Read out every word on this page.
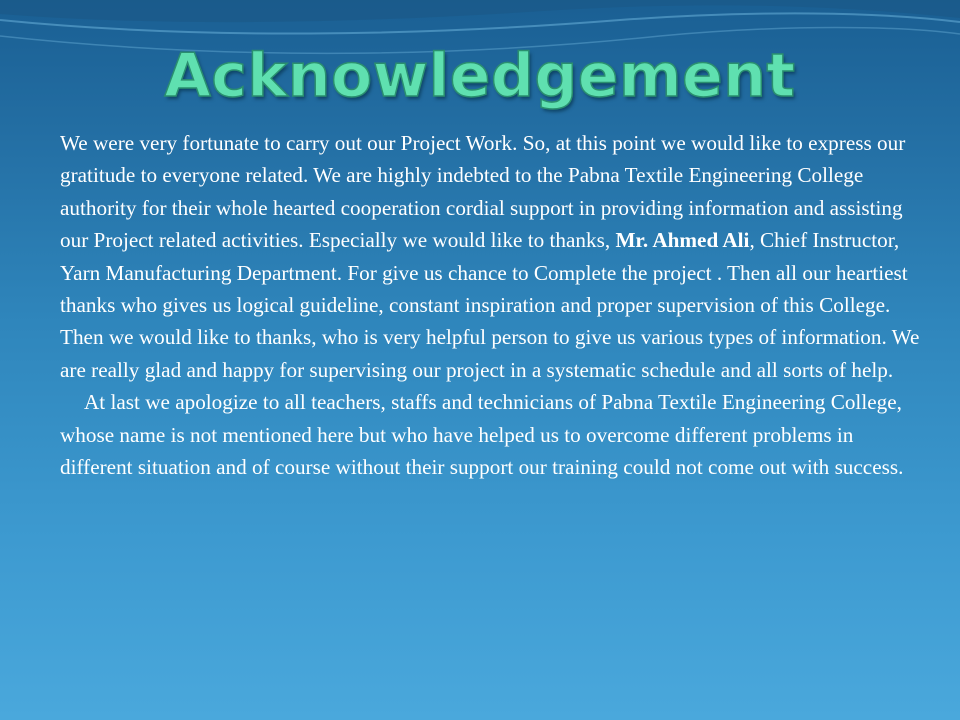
Acknowledgement

We were very fortunate to carry out our Project Work. So, at this point we would like to express our gratitude to everyone related. We are highly indebted to the Pabna Textile Engineering College authority for their whole hearted cooperation cordial support in providing information and assisting our Project related activities. Especially we would like to thanks, Mr. Ahmed Ali, Chief Instructor, Yarn Manufacturing Department. For give us chance to Complete the project . Then all our heartiest thanks who gives us logical guideline, constant inspiration and proper supervision of this College. Then we would like to thanks, who is very helpful person to give us various types of information. We are really glad and happy for supervising our project in a systematic schedule and all sorts of help.

At last we apologize to all teachers, staffs and technicians of Pabna Textile Engineering College, whose name is not mentioned here but who have helped us to overcome different problems in different situation and of course without their support our training could not come out with success.
